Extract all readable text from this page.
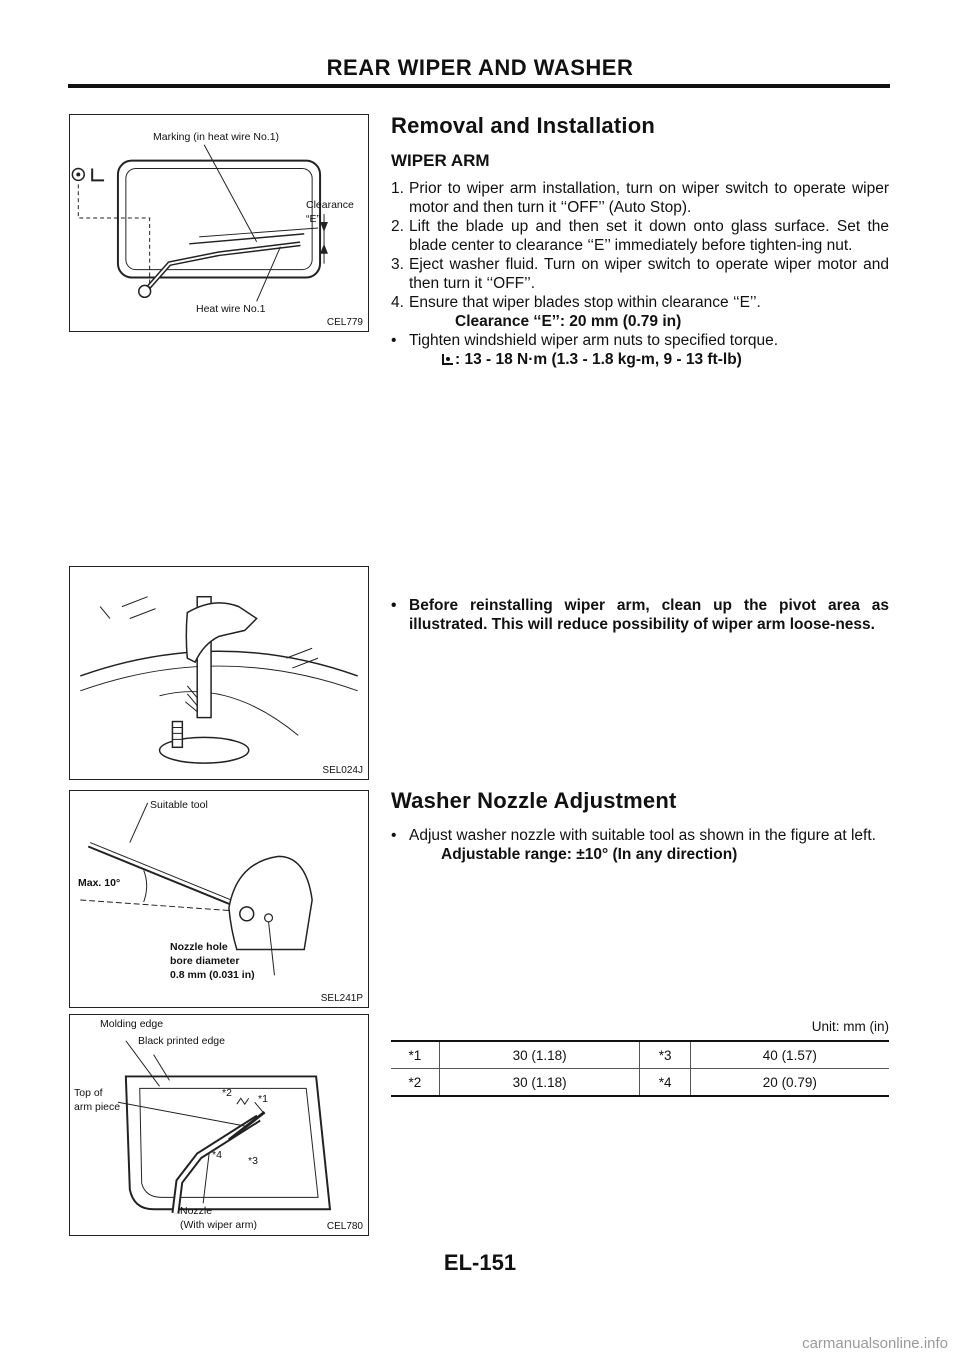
REAR WIPER AND WASHER
Marking (in heat wire No.1)
Clearance
“E”
Heat wire No.1
CEL779
SEL024J
Suitable tool
Max. 10°
Nozzle hole
bore diameter
0.8 mm (0.031 in)
SEL241P
Molding edge
Black printed edge
Top of
arm piece
*2 *1
*4 *3
Nozzle
(With wiper arm)	CEL780
Removal and Installation
WIPER ARM
1. Prior to wiper arm installation, turn on wiper switch to operate wiper motor and then turn it ‘‘OFF’’ (Auto Stop).
2. Lift the blade up and then set it down onto glass surface. Set the blade center to clearance ‘‘E’’ immediately before tighten-ing nut.
3. Eject washer fluid. Turn on wiper switch to operate wiper motor and then turn it ‘‘OFF’’.
4. Ensure that wiper blades stop within clearance ‘‘E’’.
Clearance ‘‘E’’: 20 mm (0.79 in)
• Tighten windshield wiper arm nuts to specified torque.
: 13 - 18 N·m (1.3 - 1.8 kg-m, 9 - 13 ft-lb)
• Before reinstalling wiper arm, clean up the pivot area as illustrated. This will reduce possibility of wiper arm loose-ness.
Washer Nozzle Adjustment
• Adjust washer nozzle with suitable tool as shown in the figure at left.
Adjustable range: ±10° (In any direction)
Unit: mm (in)
*1	30 (1.18)	*3	40 (1.57)
*2	30 (1.18)	*4	20 (0.79)
EL-151
carmanualsonline.info
